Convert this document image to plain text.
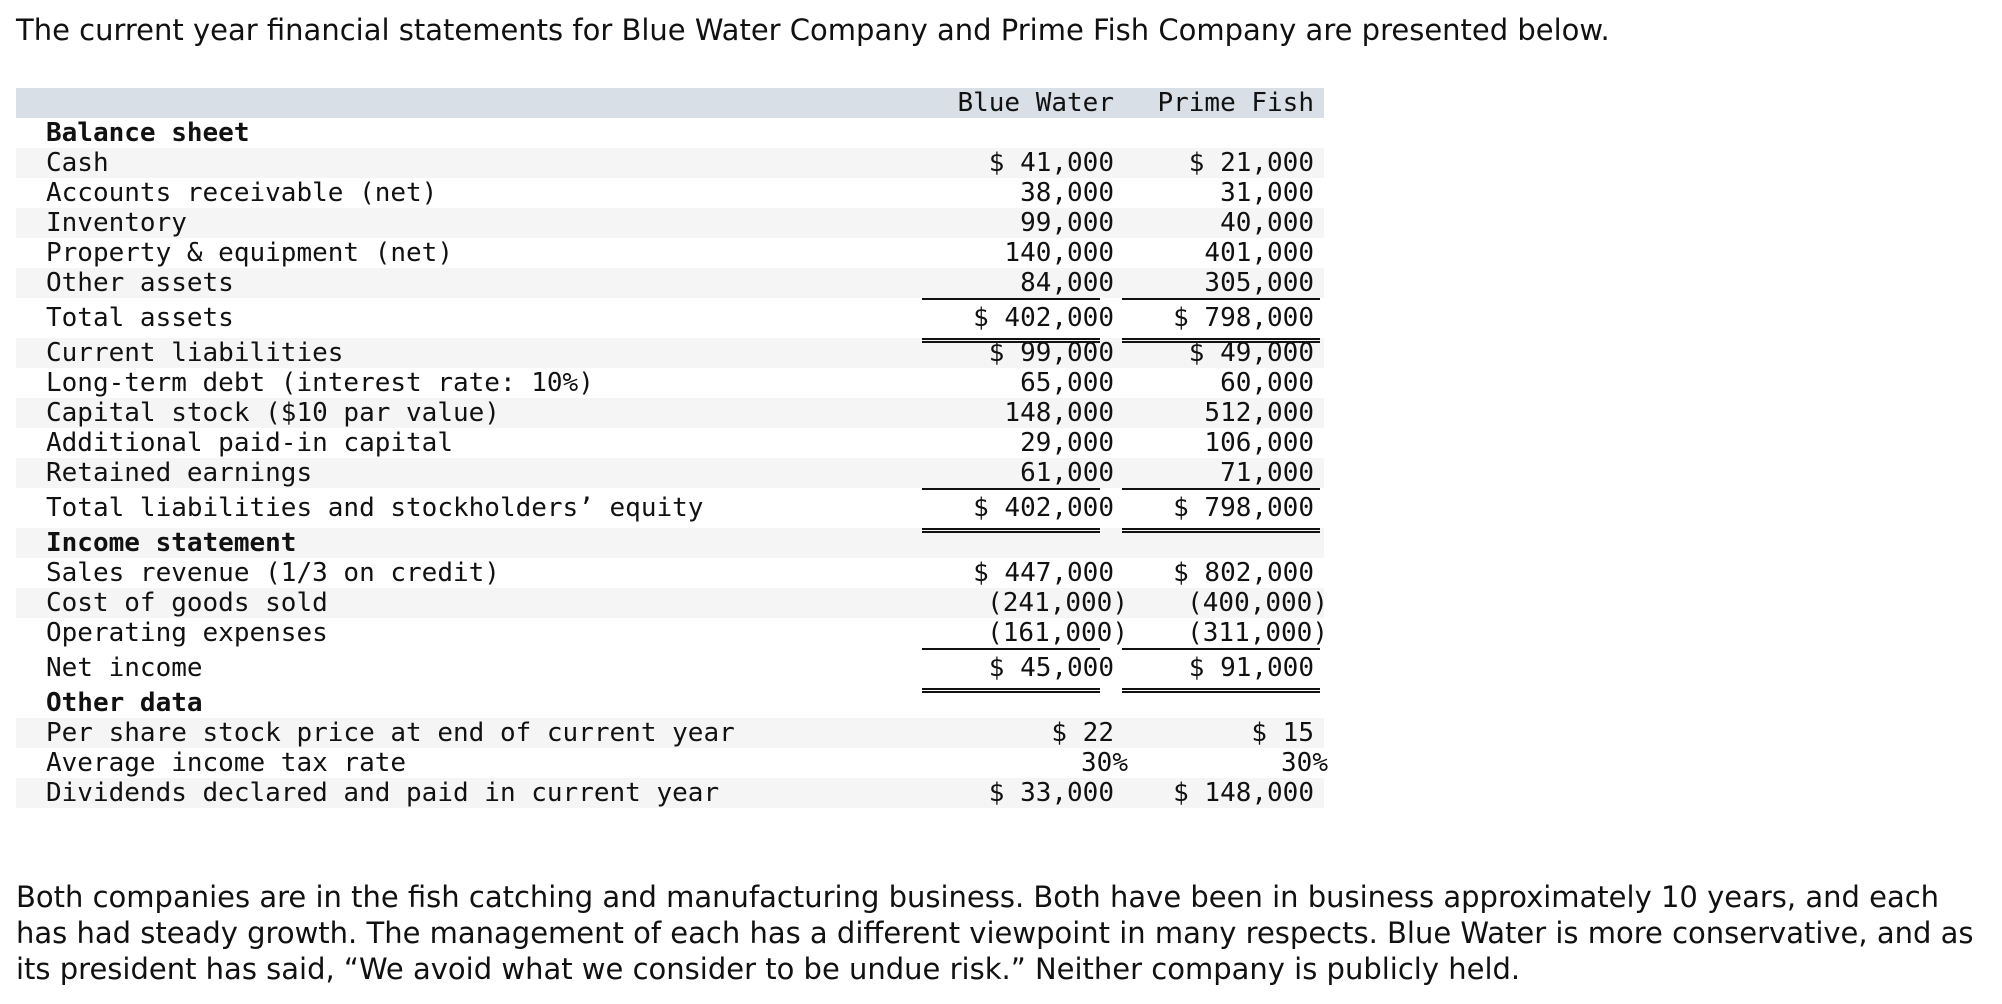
The current year financial statements for Blue Water Company and Prime Fish Company are presented below.

Blue Water Prime Fish
Balance sheet
Cash	$ 41,000	$ 21,000
Accounts receivable (net)	38,000	31,000
Inventory	99,000	40,000
Property & equipment (net)	140,000	401,000
Other assets	84,000	305,000
Total assets	$ 402,000 $ 798,000
Current liabilities	$ 99,000	$ 49,000
Long-term debt (interest rate: 10%)	65,000	60,000
Capital stock ($10 par value)	148,000	512,000
Additional paid-in capital	29,000	106,000
Retained earnings	61,000	71,000
Total liabilities and stockholders’ equity	$ 402,000 $ 798,000
Income statement
Sales revenue (1/3 on credit)	$ 447,000 $ 802,000
Cost of goods sold	(241,000) (400,000)
Operating expenses	(161,000) (311,000)
Net income	$ 45,000	$ 91,000
Other data
Per share stock price at end of current year	$ 22	$ 15
Average income tax rate	30%	30%
Dividends declared and paid in current year	$ 33,000 $ 148,000

Both companies are in the fish catching and manufacturing business. Both have been in business approximately 10 years, and each has had steady growth. The management of each has a different viewpoint in many respects. Blue Water is more conservative, and as its president has said, “We avoid what we consider to be undue risk.” Neither company is publicly held.
